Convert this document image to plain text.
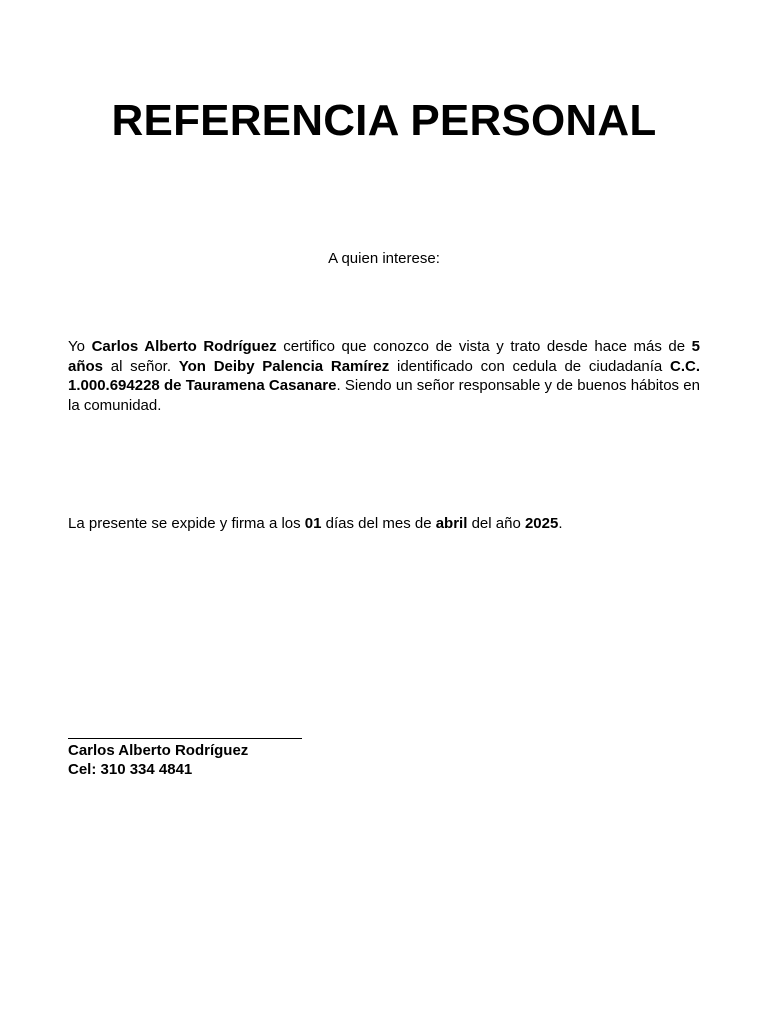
REFERENCIA PERSONAL
A quien interese:
Yo Carlos Alberto Rodríguez certifico que conozco de vista y trato desde hace más de 5 años al señor. Yon Deiby Palencia Ramírez identificado con cedula de ciudadanía C.C. 1.000.694228 de Tauramena Casanare. Siendo un señor responsable y de buenos hábitos en la comunidad.
La presente se expide y firma a los 01 días del mes de abril del año 2025.
Carlos Alberto Rodríguez
Cel: 310 334 4841
